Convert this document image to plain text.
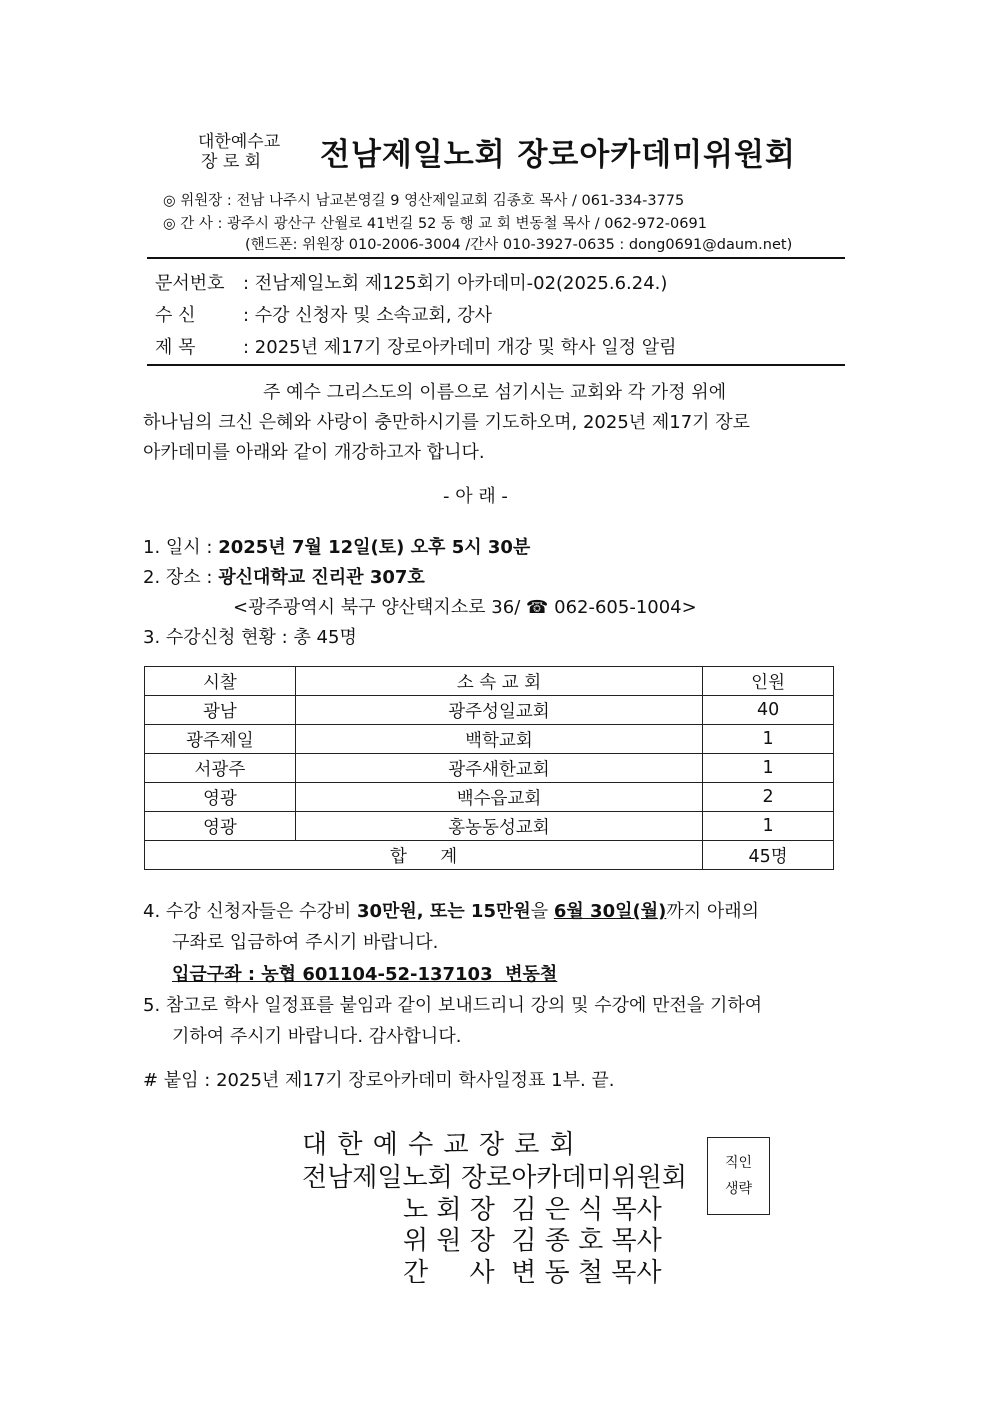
대한예수교
장 로 회 전남제일노회 장로아카데미위원회
◎ 위원장 : 전남 나주시 남교본영길 9 영산제일교회 김종호 목사 / 061-334-3775
◎ 간 사 : 광주시 광산구 산월로 41번길 52 동 행 교 회 변동철 목사 / 062-972-0691
(핸드폰: 위원장 010-2006-3004 /간사 010-3927-0635 : dong0691@daum.net)
문서번호 : 전남제일노회 제125회기 아카데미-02(2025.6.24.)
수 신	: 수강 신청자 및 소속교회, 강사
제 목	: 2025년 제17기 장로아카데미 개강 및 학사 일정 알림
주 예수 그리스도의 이름으로 섬기시는 교회와 각 가정 위에
하나님의 크신 은혜와 사랑이 충만하시기를 기도하오며, 2025년 제17기 장로
아카데미를 아래와 같이 개강하고자 합니다.
- 아 래 -
1. 일시 : 2025년 7월 12일(토) 오후 5시 30분
2. 장소 : 광신대학교 진리관 307호
<광주광역시 북구 양산택지소로 36/ ☎ 062-605-1004>
3. 수강신청 현황 : 총 45명
시찰	소 속 교 회	인원
광남	광주성일교회	40
광주제일	백학교회	1
서광주	광주새한교회	1
영광	백수읍교회	2
영광	홍농동성교회	1
합      계		45명
4. 수강 신청자들은 수강비 30만원, 또는 15만원을 6월 30일(월)까지 아래의
구좌로 입금하여 주시기 바랍니다.
입금구좌 : 농협 601104-52-137103  변동철
5. 참고로 학사 일정표를 붙임과 같이 보내드리니 강의 및 수강에 만전을 기하여
기하여 주시기 바랍니다. 감사합니다.
# 붙임 : 2025년 제17기 장로아카데미 학사일정표 1부. 끝.
대 한 예 수 교 장 로 회
전남제일노회 장로아카데미위원회
노 회 장  김 은 식 목사
위 원 장  김 종 호 목사
간     사  변 동 철 목사
직인
생략
